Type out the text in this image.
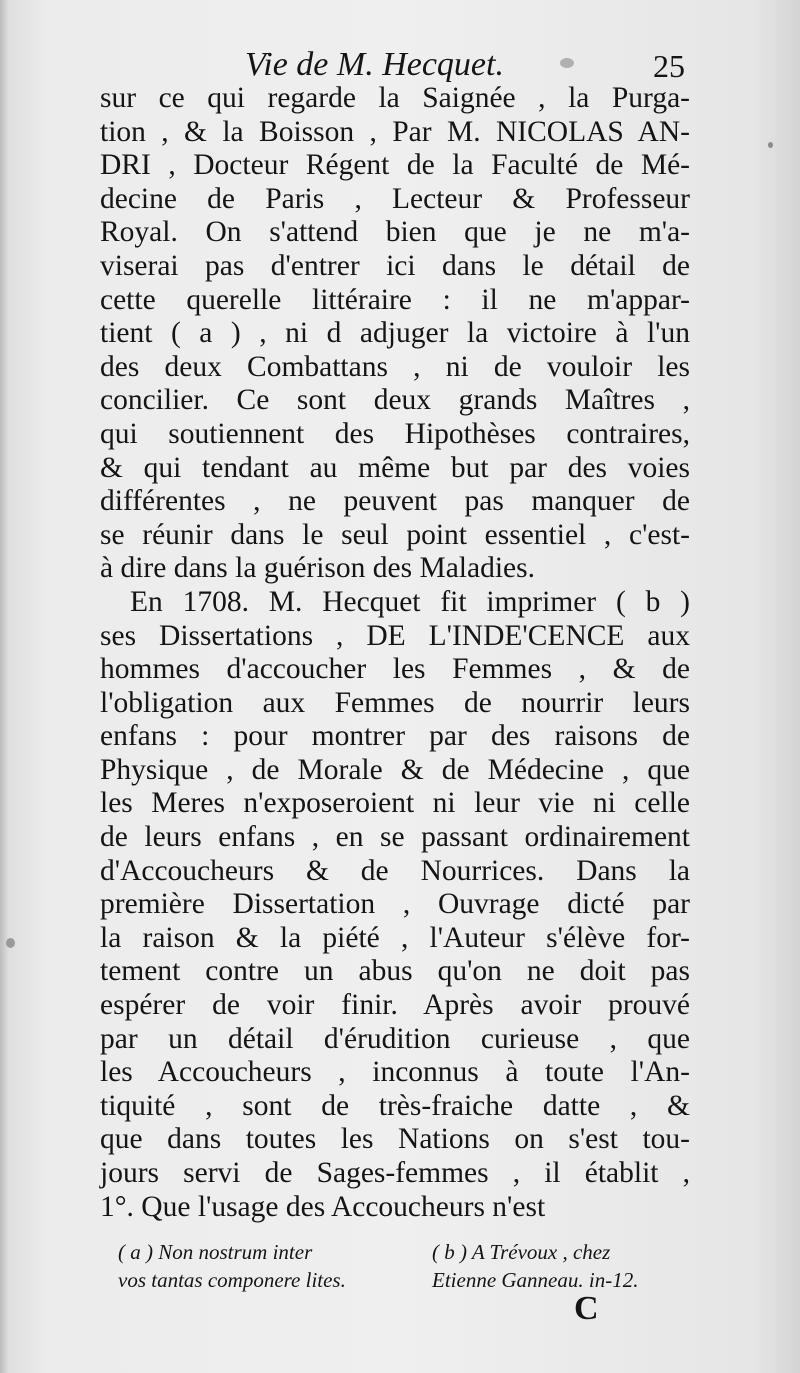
Vie de M. Hecquet.	25
sur ce qui regarde la Saignée , la Purga-
tion , & la Boisson , Par M. NICOLAS AN-
DRI , Docteur Régent de la Faculté de Mé-
decine de Paris , Lecteur & Professeur
Royal. On s'attend bien que je ne m'a-
viserai pas d'entrer ici dans le détail de
cette querelle littéraire : il ne m'appar-
tient ( a ) , ni d adjuger la victoire à l'un
des deux Combattans , ni de vouloir les
concilier. Ce sont deux grands Maîtres ,
qui soutiennent des Hipothèses contraires,
& qui tendant au même but par des voies
différentes , ne peuvent pas manquer de
se réunir dans le seul point essentiel , c'est-
à dire dans la guérison des Maladies.
En 1708. M. Hecquet fit imprimer ( b )
ses Dissertations , DE L'INDE'CENCE aux
hommes d'accoucher les Femmes , & de
l'obligation aux Femmes de nourrir leurs
enfans : pour montrer par des raisons de
Physique , de Morale & de Médecine , que
les Meres n'exposeroient ni leur vie ni celle
de leurs enfans , en se passant ordinairement
d'Accoucheurs & de Nourrices. Dans la
première Dissertation , Ouvrage dicté par
la raison & la piété , l'Auteur s'élève for-
tement contre un abus qu'on ne doit pas
espérer de voir finir. Après avoir prouvé
par un détail d'érudition curieuse , que
les Accoucheurs , inconnus à toute l'An-
tiquité , sont de très-fraiche datte , &
que dans toutes les Nations on s'est tou-
jours servi de Sages-femmes , il établit ,
1°. Que l'usage des Accoucheurs n'est
( a ) Non nostrum inter
vos tantas componere lites.
( b ) A Trévoux , chez
Etienne Ganneau. in-12.
C
